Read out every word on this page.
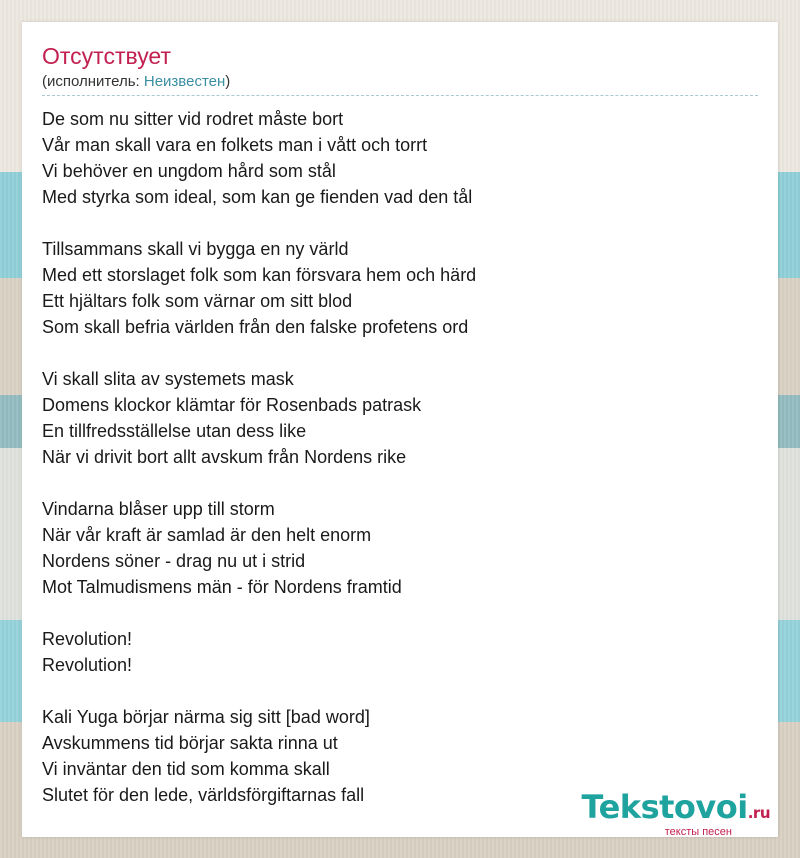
Отсутствует
(исполнитель: Неизвестен)
De som nu sitter vid rodret måste bort
Vår man skall vara en folkets man i vått och torrt
Vi behöver en ungdom hård som stål
Med styrka som ideal, som kan ge fienden vad den tål
Tillsammans skall vi bygga en ny värld
Med ett storslaget folk som kan försvara hem och härd
Ett hjältars folk som värnar om sitt blod
Som skall befria världen från den falske profetens ord
Vi skall slita av systemets mask
Domens klockor klämtar för Rosenbads patrask
En tillfredsställelse utan dess like
När vi drivit bort allt avskum från Nordens rike
Vindarna blåser upp till storm
När vår kraft är samlad är den helt enorm
Nordens söner - drag nu ut i strid
Mot Talmudismens män - för Nordens framtid
Revolution!
Revolution!
Kali Yuga börjar närma sig sitt [bad word]
Avskummens tid börjar sakta rinna ut
Vi inväntar den tid som komma skall
Slutet för den lede, världsförgiftarnas fall	Tekstovoi.ru
тексты песен
